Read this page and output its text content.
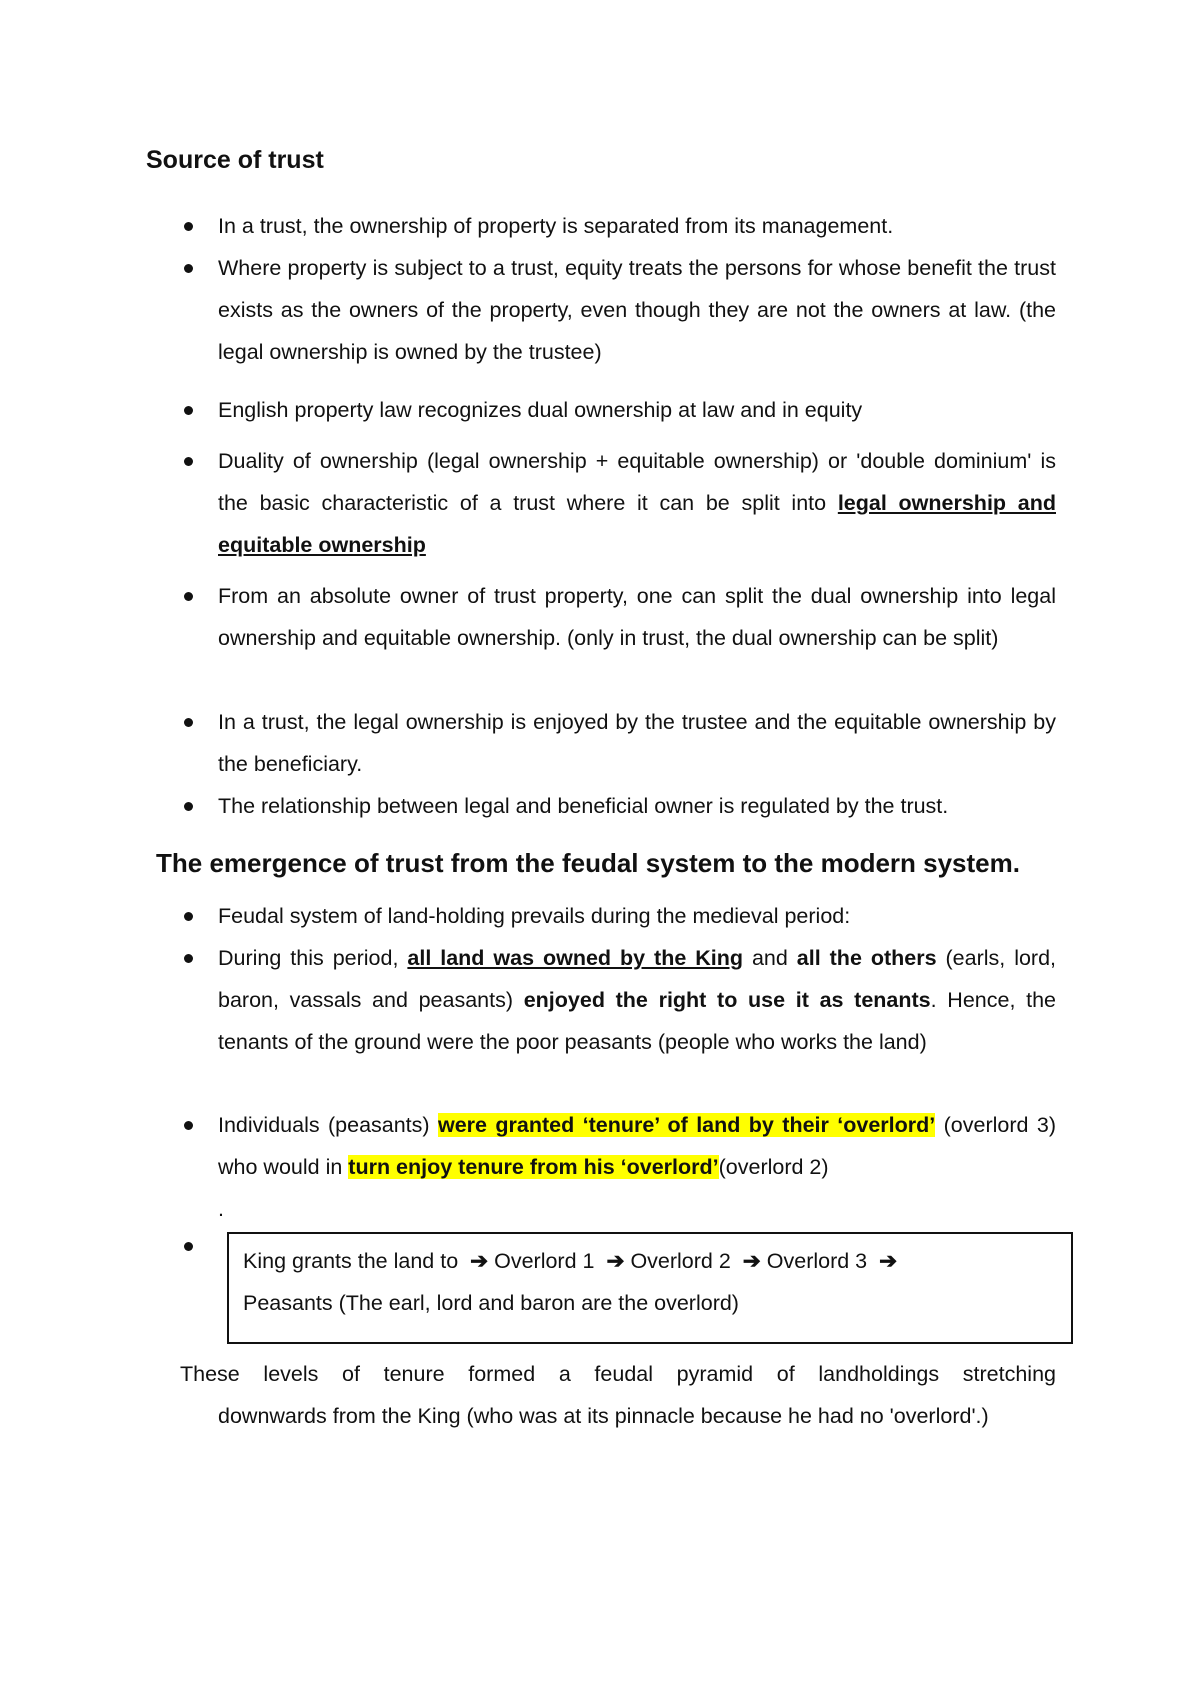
Source of trust
In a trust, the ownership of property is separated from its management.
Where property is subject to a trust, equity treats the persons for whose benefit the trust exists as the owners of the property, even though they are not the owners at law. (the legal ownership is owned by the trustee)
English property law recognizes dual ownership at law and in equity
Duality of ownership (legal ownership + equitable ownership) or 'double dominium' is the basic characteristic of a trust where it can be split into legal ownership and equitable ownership
From an absolute owner of trust property, one can split the dual ownership into legal ownership and equitable ownership. (only in trust, the dual ownership can be split)
In a trust, the legal ownership is enjoyed by the trustee and the equitable ownership by the beneficiary.
The relationship between legal and beneficial owner is regulated by the trust.
The emergence of trust from the feudal system to the modern system.
Feudal system of land-holding prevails during the medieval period:
During this period, all land was owned by the King and all the others (earls, lord, baron, vassals and peasants) enjoyed the right to use it as tenants. Hence, the tenants of the ground were the poor peasants (people who works the land)
Individuals (peasants) were granted ‘tenure’ of land by their ‘overlord’ (overlord 3) who would in turn enjoy tenure from his ‘overlord’(overlord 2)
.
King grants the land to ➔ Overlord 1 ➔ Overlord 2 ➔ Overlord 3 ➔
Peasants (The earl, lord and baron are the overlord)
These levels of tenure formed a feudal pyramid of landholdings stretching
downwards from the King (who was at its pinnacle because he had no 'overlord'.)
